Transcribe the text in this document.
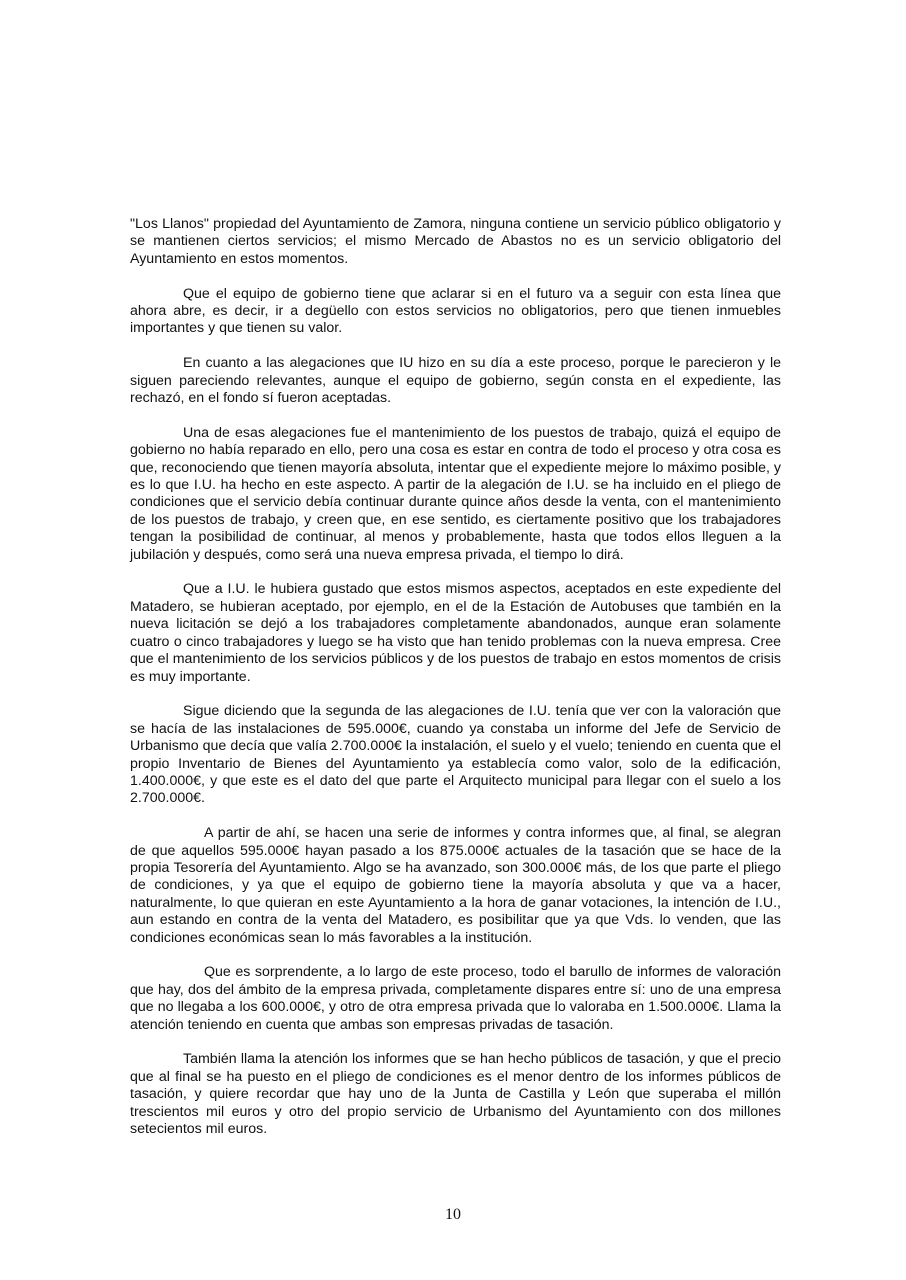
"Los Llanos" propiedad del Ayuntamiento de Zamora, ninguna contiene un servicio público obligatorio y se mantienen ciertos servicios; el mismo Mercado de Abastos no es un servicio obligatorio del Ayuntamiento en estos momentos.

Que el equipo de gobierno tiene que aclarar si en el futuro va a seguir con esta línea que ahora abre, es decir, ir a degüello con estos servicios no obligatorios, pero que tienen inmuebles importantes y que tienen su valor.

En cuanto a las alegaciones que IU hizo en su día a este proceso, porque le parecieron y le siguen pareciendo relevantes, aunque el equipo de gobierno, según consta en el expediente, las rechazó, en el fondo sí fueron aceptadas.

Una de esas alegaciones fue el mantenimiento de los puestos de trabajo, quizá el equipo de gobierno no había reparado en ello, pero una cosa es estar en contra de todo el proceso y otra cosa es que, reconociendo que tienen mayoría absoluta, intentar que el expediente mejore lo máximo posible, y es lo que I.U. ha hecho en este aspecto. A partir de la alegación de I.U. se ha incluido en el pliego de condiciones que el servicio debía continuar durante quince años desde la venta, con el mantenimiento de los puestos de trabajo, y creen que, en ese sentido, es ciertamente positivo que los trabajadores tengan la posibilidad de continuar, al menos y probablemente, hasta que todos ellos lleguen a la jubilación y después, como será una nueva empresa privada, el tiempo lo dirá.

Que a I.U. le hubiera gustado que estos mismos aspectos, aceptados en este expediente del Matadero, se hubieran aceptado, por ejemplo, en el de la Estación de Autobuses que también en la nueva licitación se dejó a los trabajadores completamente abandonados, aunque eran solamente cuatro o cinco trabajadores y luego se ha visto que han tenido problemas con la nueva empresa. Cree que el mantenimiento de los servicios públicos y de los puestos de trabajo en estos momentos de crisis es muy importante.

Sigue diciendo que la segunda de las alegaciones de I.U. tenía que ver con la valoración que se hacía de las instalaciones de 595.000€, cuando ya constaba un informe del Jefe de Servicio de Urbanismo que decía que valía 2.700.000€ la instalación, el suelo y el vuelo; teniendo en cuenta que el propio Inventario de Bienes del Ayuntamiento ya establecía como valor, solo de la edificación, 1.400.000€, y que este es el dato del que parte el Arquitecto municipal para llegar con el suelo a los 2.700.000€.

A partir de ahí, se hacen una serie de informes y contra informes que, al final, se alegran de que aquellos 595.000€ hayan pasado a los 875.000€ actuales de la tasación que se hace de la propia Tesorería del Ayuntamiento. Algo se ha avanzado, son 300.000€ más, de los que parte el pliego de condiciones, y ya que el equipo de gobierno tiene la mayoría absoluta y que va a hacer, naturalmente, lo que quieran en este Ayuntamiento a la hora de ganar votaciones, la intención de I.U., aun estando en contra de la venta del Matadero, es posibilitar que ya que Vds. lo venden, que las condiciones económicas sean lo más favorables a la institución.

Que es sorprendente, a lo largo de este proceso, todo el barullo de informes de valoración que hay, dos del ámbito de la empresa privada, completamente dispares entre sí: uno de una empresa que no llegaba a los 600.000€, y otro de otra empresa privada que lo valoraba en 1.500.000€. Llama la atención teniendo en cuenta que ambas son empresas privadas de tasación.

También llama la atención los informes que se han hecho públicos de tasación, y que el precio que al final se ha puesto en el pliego de condiciones es el menor dentro de los informes públicos de tasación, y quiere recordar que hay uno de la Junta de Castilla y León que superaba el millón trescientos mil euros y otro del propio servicio de Urbanismo del Ayuntamiento con dos millones setecientos mil euros.

10
